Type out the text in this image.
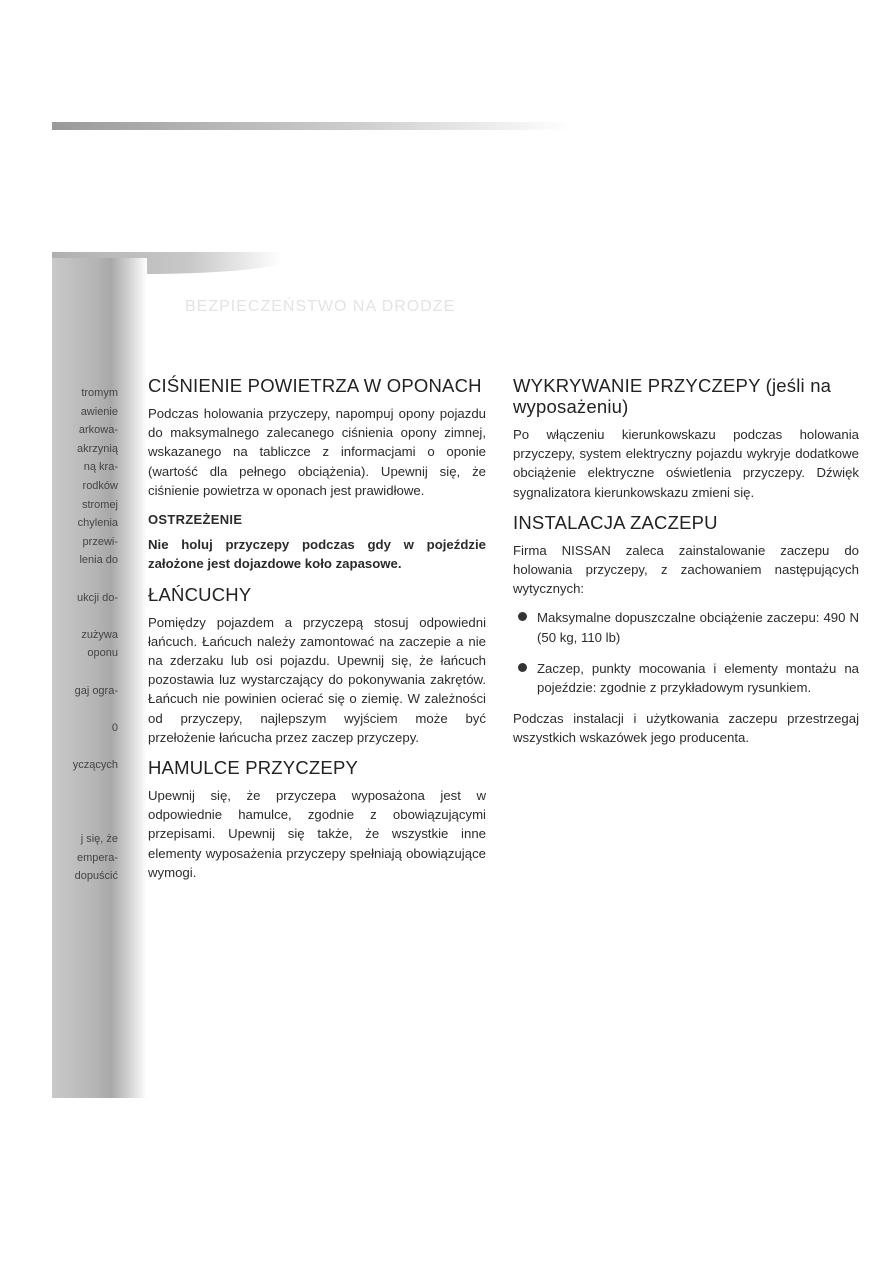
BEZPIECZEŃSTWO NA DRODZE
tromym
awienie
arkowa-
akrzynią
ną kra-
rodków
stromej
chylenia
przewi-
lenia do

ukcji do-

zużywa
oponu

gaj ogra-

0

yczących

j się, że
empera-
dopuścić
CIŚNIENIE POWIETRZA W OPONACH

Podczas holowania przyczepy, napompuj opony pojazdu do maksymalnego zalecanego ciśnienia opony zimnej, wskazanego na tabliczce z informacjami o oponie (wartość dla pełnego obciążenia). Upewnij się, że ciśnienie powietrza w oponach jest prawidłowe.

OSTRZEŻENIE

Nie holuj przyczepy podczas gdy w pojeździe założone jest dojazdowe koło zapasowe.

ŁAŃCUCHY

Pomiędzy pojazdem a przyczepą stosuj odpowiedni łańcuch. Łańcuch należy zamontować na zaczepie a nie na zderzaku lub osi pojazdu. Upewnij się, że łańcuch pozostawia luz wystarczający do pokonywania zakrętów. Łańcuch nie powinien ocierać się o ziemię. W zależności od przyczepy, najlepszym wyjściem może być przełożenie łańcucha przez zaczep przyczepy.

HAMULCE PRZYCZEPY

Upewnij się, że przyczepa wyposażona jest w odpowiednie hamulce, zgodnie z obowiązującymi przepisami. Upewnij się także, że wszystkie inne elementy wyposażenia przyczepy spełniają obowiązujące wymogi.

WYKRYWANIE PRZYCZEPY (jeśli na wyposażeniu)

Po włączeniu kierunkowskazu podczas holowania przyczepy, system elektryczny pojazdu wykryje dodatkowe obciążenie elektryczne oświetlenia przyczepy. Dźwięk sygnalizatora kierunkowskazu zmieni się.

INSTALACJA ZACZEPU

Firma NISSAN zaleca zainstalowanie zaczepu do holowania przyczepy, z zachowaniem następujących wytycznych:

Maksymalne dopuszczalne obciążenie zaczepu: 490 N (50 kg, 110 lb)
Zaczep, punkty mocowania i elementy montażu na pojeździe: zgodnie z przykładowym rysunkiem.

Podczas instalacji i użytkowania zaczepu przestrzegaj wszystkich wskazówek jego producenta.
